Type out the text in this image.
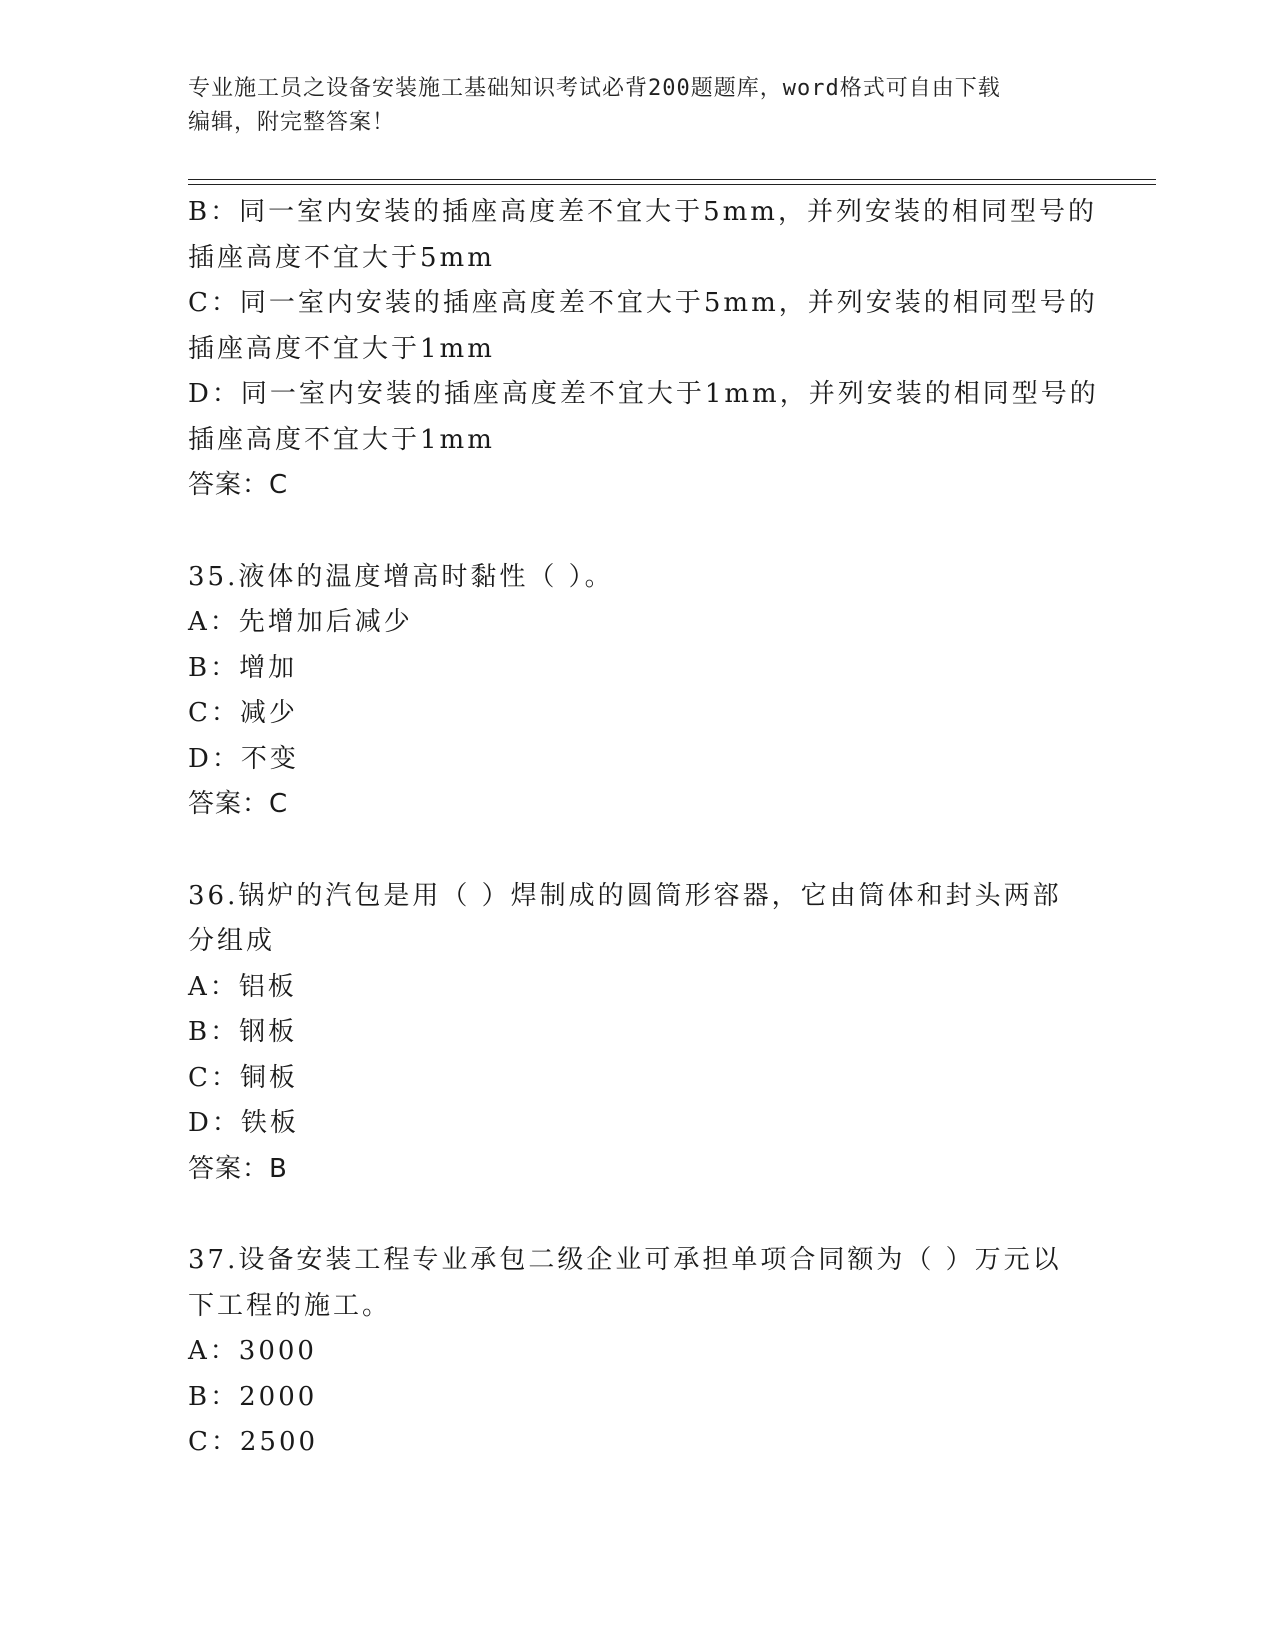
专业施工员之设备安装施工基础知识考试必背200题题库，word格式可自由下载
编辑，附完整答案！
B：同一室内安装的插座高度差不宜大于5mm，并列安装的相同型号的
插座高度不宜大于5mm
C：同一室内安装的插座高度差不宜大于5mm，并列安装的相同型号的
插座高度不宜大于1mm
D：同一室内安装的插座高度差不宜大于1mm，并列安装的相同型号的
插座高度不宜大于1mm
答案：C
35.液体的温度增高时黏性（ ）。
A：先增加后减少
B：增加
C：减少
D：不变
答案：C
36.锅炉的汽包是用（ ）焊制成的圆筒形容器，它由筒体和封头两部
分组成
A：铝板
B：钢板
C：铜板
D：铁板
答案：B
37.设备安装工程专业承包二级企业可承担单项合同额为（ ）万元以
下工程的施工。
A：3000
B：2000
C：2500
